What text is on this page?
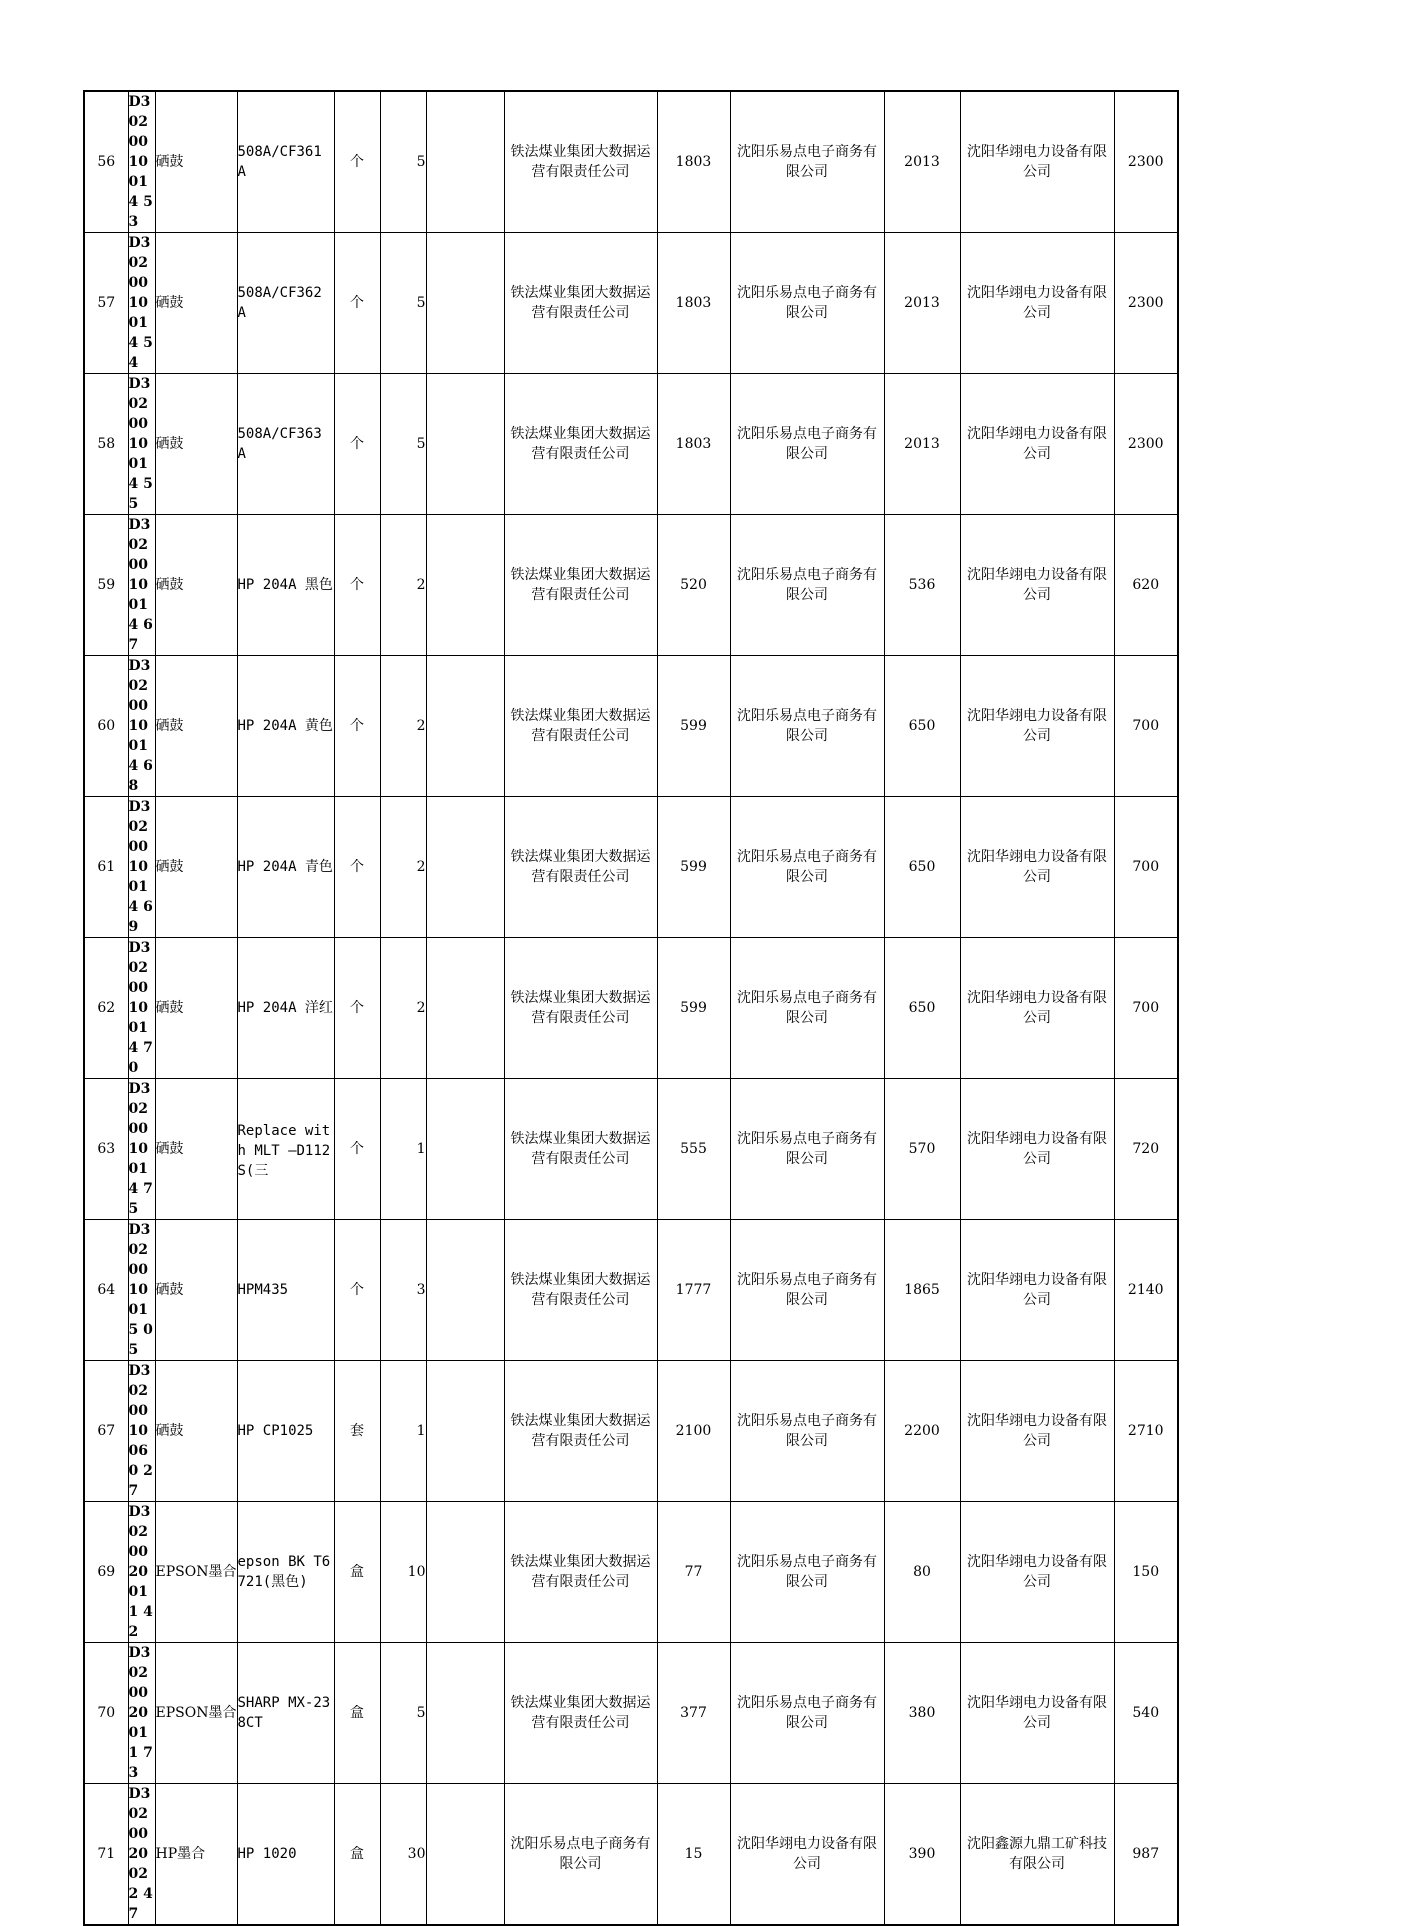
56	D3020010014 53	硒鼓	508A/CF361 A	个	5		铁法煤业集团大数据运营有限责任公司	1803	沈阳乐易点电子商务有限公司	2013	沈阳华翊电力设备有限公司	2300
57	D3020010014 54	硒鼓	508A/CF362 A	个	5		铁法煤业集团大数据运营有限责任公司	1803	沈阳乐易点电子商务有限公司	2013	沈阳华翊电力设备有限公司	2300
58	D3020010014 55	硒鼓	508A/CF363 A	个	5		铁法煤业集团大数据运营有限责任公司	1803	沈阳乐易点电子商务有限公司	2013	沈阳华翊电力设备有限公司	2300
59	D3020010014 67	硒鼓	HP 204A 黑色	个	2		铁法煤业集团大数据运营有限责任公司	520	沈阳乐易点电子商务有限公司	536	沈阳华翊电力设备有限公司	620
60	D3020010014 68	硒鼓	HP 204A 黄色	个	2		铁法煤业集团大数据运营有限责任公司	599	沈阳乐易点电子商务有限公司	650	沈阳华翊电力设备有限公司	700
61	D3020010014 69	硒鼓	HP 204A 青色	个	2		铁法煤业集团大数据运营有限责任公司	599	沈阳乐易点电子商务有限公司	650	沈阳华翊电力设备有限公司	700
62	D3020010014 70	硒鼓	HP 204A 洋红	个	2		铁法煤业集团大数据运营有限责任公司	599	沈阳乐易点电子商务有限公司	650	沈阳华翊电力设备有限公司	700
63	D3020010014 75	硒鼓	Replace with MLT —D112S(三	个	1		铁法煤业集团大数据运营有限责任公司	555	沈阳乐易点电子商务有限公司	570	沈阳华翊电力设备有限公司	720
64	D3020010015 05	硒鼓	HPM435	个	3		铁法煤业集团大数据运营有限责任公司	1777	沈阳乐易点电子商务有限公司	1865	沈阳华翊电力设备有限公司	2140
67	D3020010060 27	硒鼓	HP CP1025	套	1		铁法煤业集团大数据运营有限责任公司	2100	沈阳乐易点电子商务有限公司	2200	沈阳华翊电力设备有限公司	2710
69	D3020020011 42	EPSON墨合	epson BK T6721(黑色)	盒	10		铁法煤业集团大数据运营有限责任公司	77	沈阳乐易点电子商务有限公司	80	沈阳华翊电力设备有限公司	150
70	D3020020011 73	EPSON墨合	SHARP MX-238CT	盒	5		铁法煤业集团大数据运营有限责任公司	377	沈阳乐易点电子商务有限公司	380	沈阳华翊电力设备有限公司	540
71	D3020020022 47	HP墨合	HP 1020	盒	30		沈阳乐易点电子商务有限公司	15	沈阳华翊电力设备有限公司	390	沈阳鑫源九鼎工矿科技有限公司	987
